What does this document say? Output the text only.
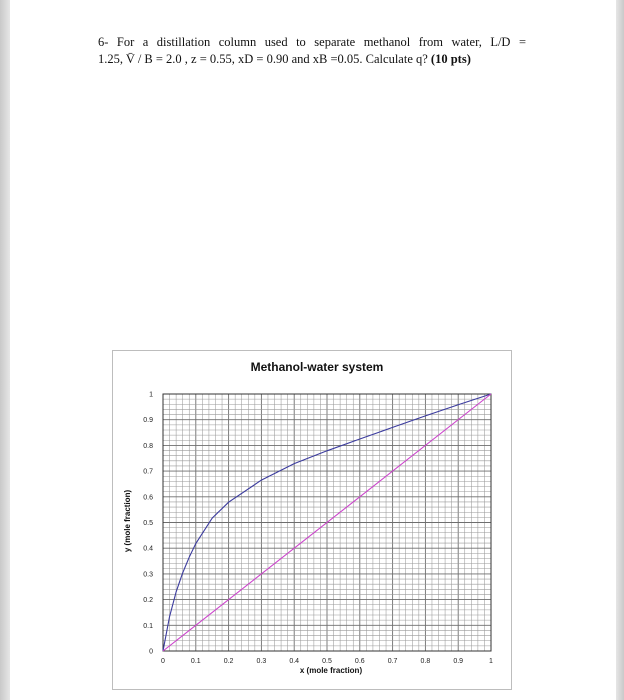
6- For a distillation column used to separate methanol from water, L/D =
1.25, V̄ / B = 2.0 , z = 0.55, xD = 0.90 and xB =0.05. Calculate q? (10 pts)
0	0.1	0.2	0.3	0.4	0.5	0.6	0.7	0.8	0.9	1
0
0.1
0.2
0.3
0.4
0.5
0.6
0.7
0.8
0.9
1
Methanol-water system
x (mole fraction)
y (mole fraction)
